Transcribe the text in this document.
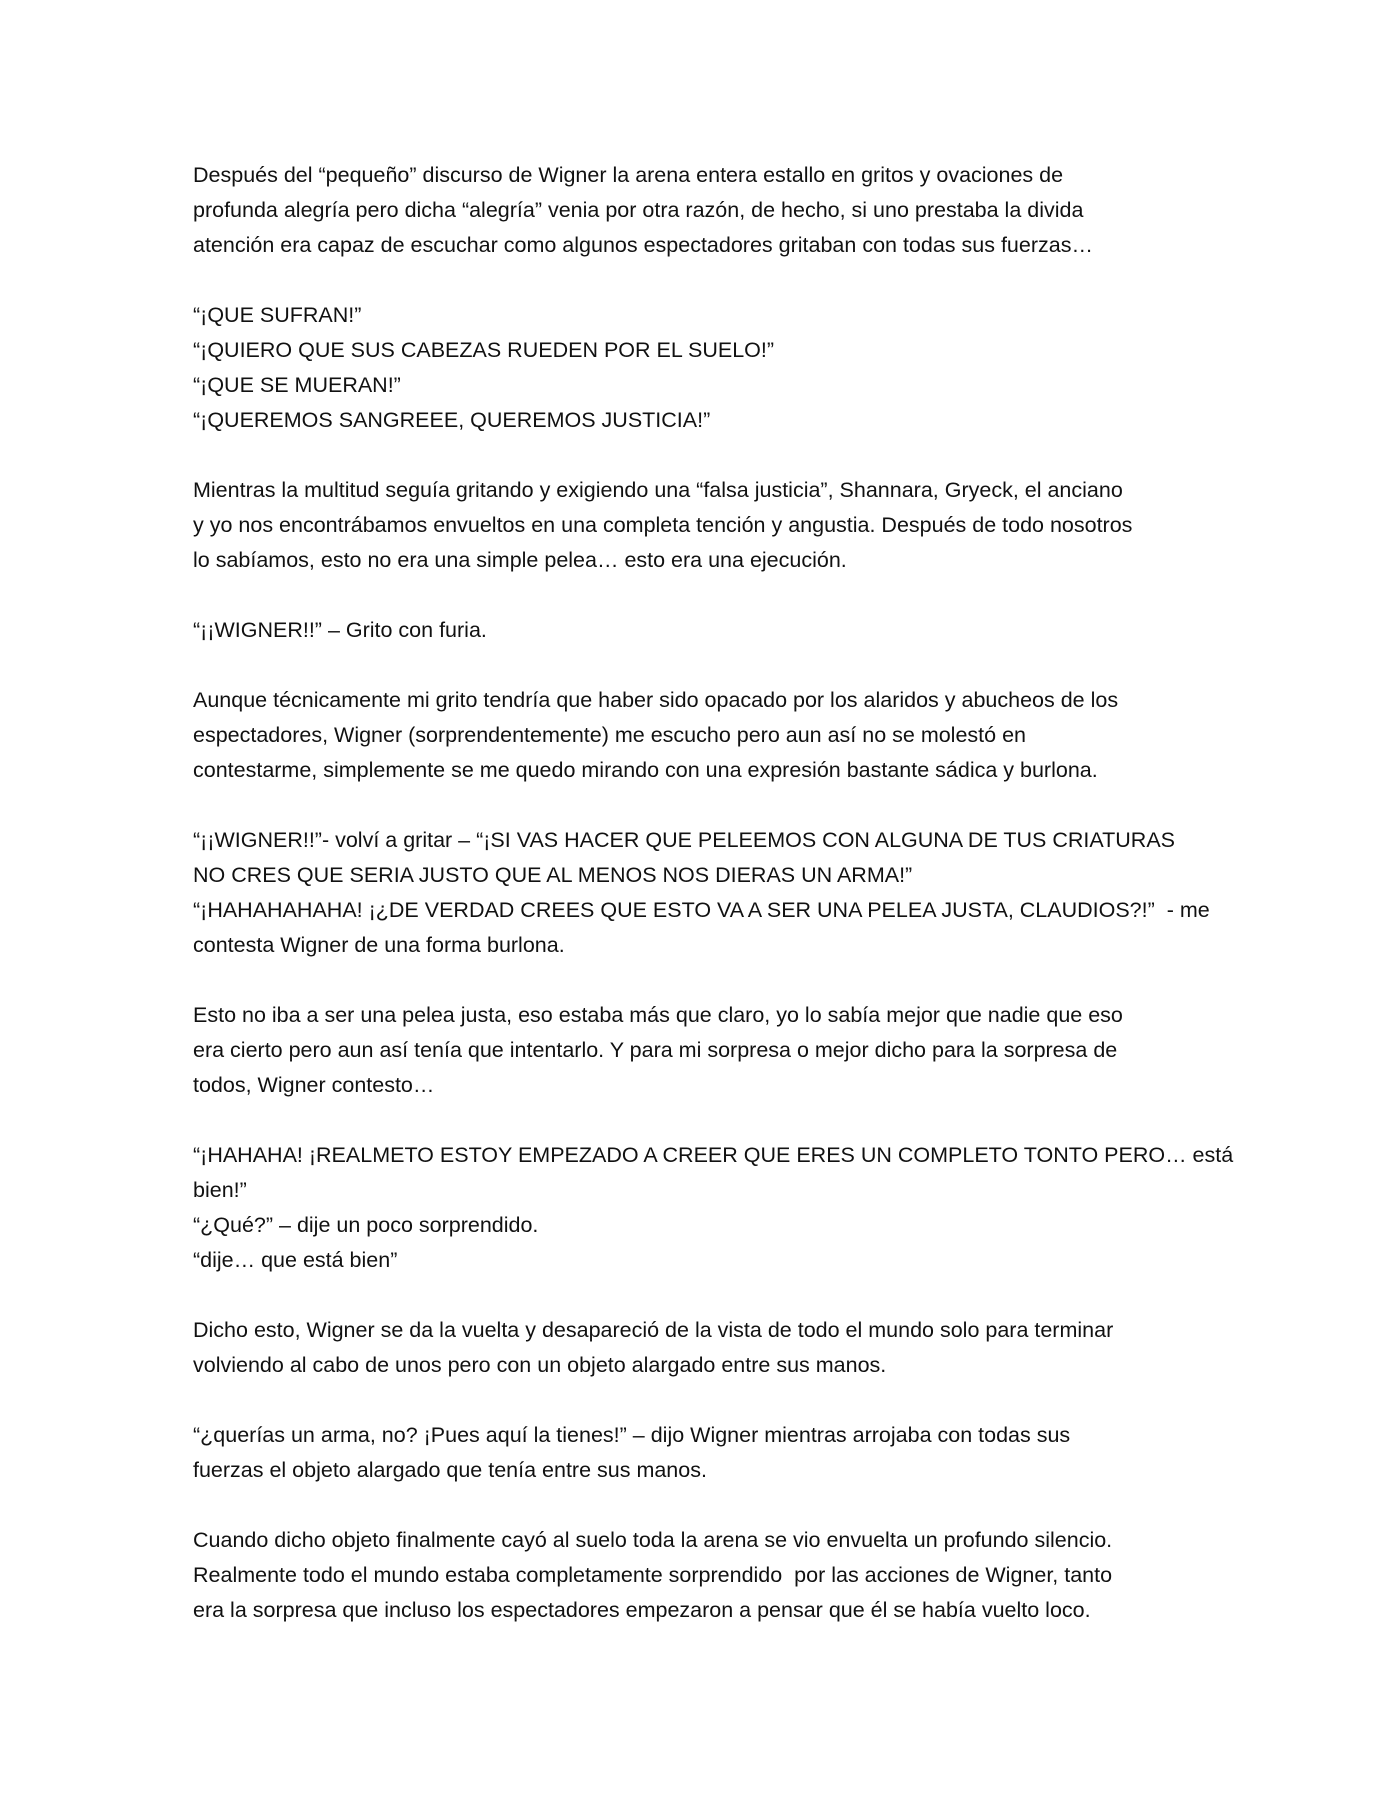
Después del “pequeño” discurso de Wigner la arena entera estallo en gritos y ovaciones de
profunda alegría pero dicha “alegría” venia por otra razón, de hecho, si uno prestaba la divida
atención era capaz de escuchar como algunos espectadores gritaban con todas sus fuerzas…
“¡QUE SUFRAN!”
“¡QUIERO QUE SUS CABEZAS RUEDEN POR EL SUELO!”
“¡QUE SE MUERAN!”
“¡QUEREMOS SANGREEE, QUEREMOS JUSTICIA!”
Mientras la multitud seguía gritando y exigiendo una “falsa justicia”, Shannara, Gryeck, el anciano
y yo nos encontrábamos envueltos en una completa tención y angustia. Después de todo nosotros
lo sabíamos, esto no era una simple pelea… esto era una ejecución.
“¡¡WIGNER!!” – Grito con furia.
Aunque técnicamente mi grito tendría que haber sido opacado por los alaridos y abucheos de los
espectadores, Wigner (sorprendentemente) me escucho pero aun así no se molestó en
contestarme, simplemente se me quedo mirando con una expresión bastante sádica y burlona.
“¡¡WIGNER!!”- volví a gritar – “¡SI VAS HACER QUE PELEEMOS CON ALGUNA DE TUS CRIATURAS
NO CRES QUE SERIA JUSTO QUE AL MENOS NOS DIERAS UN ARMA!”
“¡HAHAHAHAHA! ¡¿DE VERDAD CREES QUE ESTO VA A SER UNA PELEA JUSTA, CLAUDIOS?!”  - me
contesta Wigner de una forma burlona.
Esto no iba a ser una pelea justa, eso estaba más que claro, yo lo sabía mejor que nadie que eso
era cierto pero aun así tenía que intentarlo. Y para mi sorpresa o mejor dicho para la sorpresa de
todos, Wigner contesto…
“¡HAHAHA! ¡REALMETO ESTOY EMPEZADO A CREER QUE ERES UN COMPLETO TONTO PERO… está
bien!”
“¿Qué?” – dije un poco sorprendido.
“dije… que está bien”
Dicho esto, Wigner se da la vuelta y desapareció de la vista de todo el mundo solo para terminar
volviendo al cabo de unos pero con un objeto alargado entre sus manos.
“¿querías un arma, no? ¡Pues aquí la tienes!” – dijo Wigner mientras arrojaba con todas sus
fuerzas el objeto alargado que tenía entre sus manos.
Cuando dicho objeto finalmente cayó al suelo toda la arena se vio envuelta un profundo silencio.
Realmente todo el mundo estaba completamente sorprendido  por las acciones de Wigner, tanto
era la sorpresa que incluso los espectadores empezaron a pensar que él se había vuelto loco.
